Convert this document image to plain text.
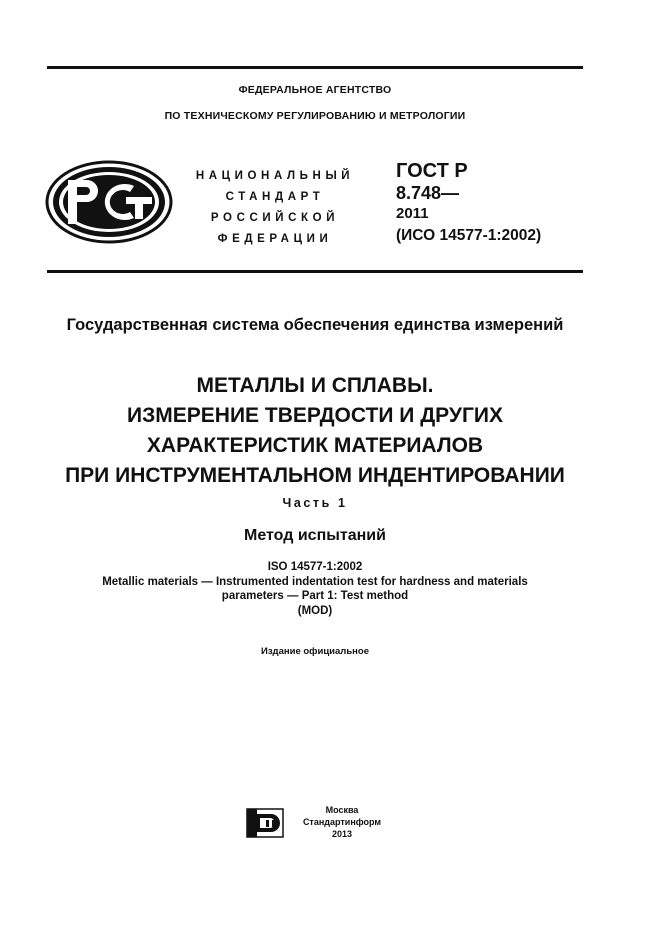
ФЕДЕРАЛЬНОЕ АГЕНТСТВО
ПО ТЕХНИЧЕСКОМУ РЕГУЛИРОВАНИЮ И МЕТРОЛОГИИ
НАЦИОНАЛЬНЫЙ
СТАНДАРТ
РОССИЙСКОЙ
ФЕДЕРАЦИИ
ГОСТ Р
8.748—
2011
(ИСО 14577-1:2002)
Государственная система обеспечения единства измерений
МЕТАЛЛЫ И СПЛАВЫ.
ИЗМЕРЕНИЕ ТВЕРДОСТИ И ДРУГИХ
ХАРАКТЕРИСТИК МАТЕРИАЛОВ
ПРИ ИНСТРУМЕНТАЛЬНОМ ИНДЕНТИРОВАНИИ
Часть 1
Метод испытаний
ISO 14577-1:2002
Metallic materials — Instrumented indentation test for hardness and materials
parameters — Part 1: Test method
(MOD)
Издание официальное
Москва
Стандартинформ
2013
